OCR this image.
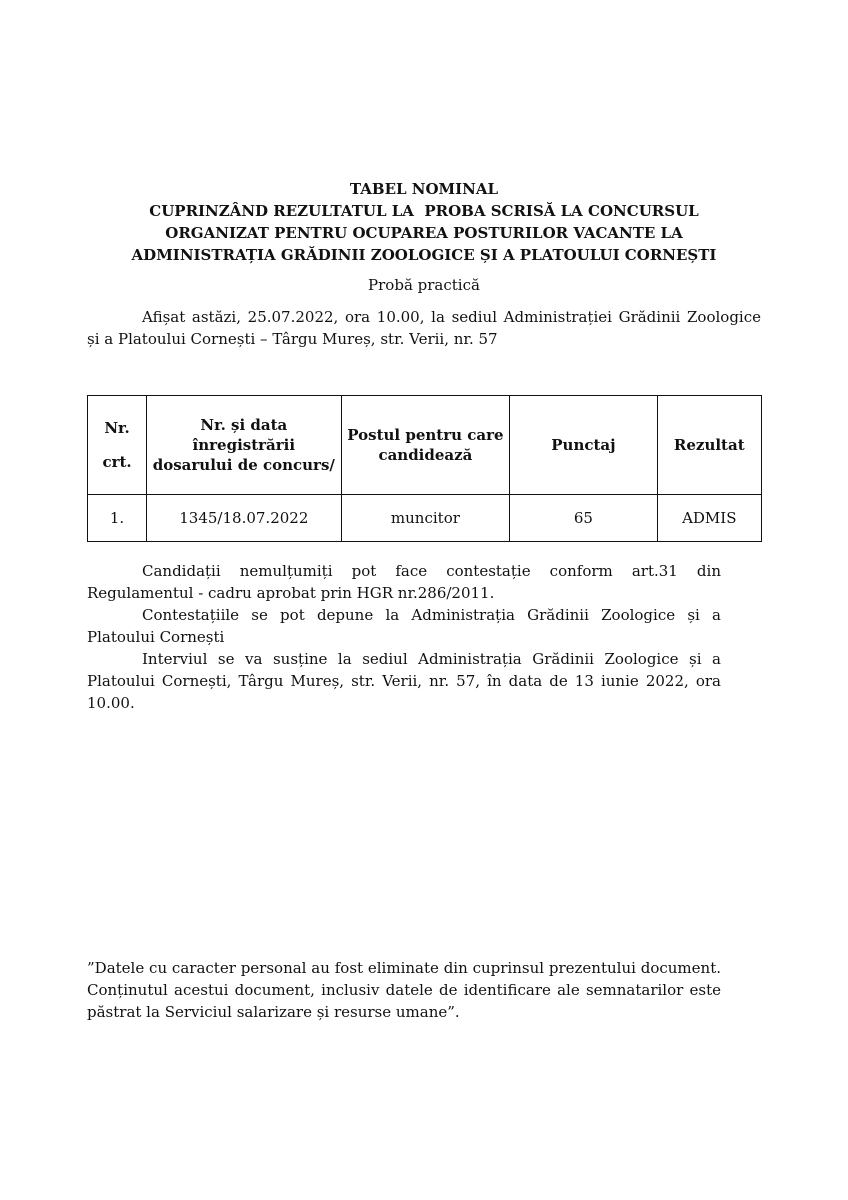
TABEL NOMINAL
CUPRINZÂND REZULTATUL LA  PROBA SCRISĂ LA CONCURSUL
ORGANIZAT PENTRU OCUPAREA POSTURILOR VACANTE LA
ADMINISTRAȚIA GRĂDINII ZOOLOGICE ȘI A PLATOULUI CORNEȘTI
Probă practică
Afișat astăzi, 25.07.2022, ora 10.00, la sediul Administrației Grădinii Zoologice și a Platoului Cornești – Târgu Mureș, str. Verii, nr. 57
Nr.
crt.	Nr. și data înregistrării dosarului de concurs/	Postul pentru care candidează	Punctaj	Rezultat
1.	1345/18.07.2022	muncitor	65	ADMIS

Candidații nemulțumiți pot face contestație conform art.31 din Regulamentul - cadru aprobat prin HGR nr.286/2011.

Contestațiile se pot depune la Administrația Grădinii Zoologice și a Platoului Cornești

Interviul se va susține la sediul Administrația Grădinii Zoologice și a Platoului Cornești, Târgu Mureș, str. Verii, nr. 57, în data de 13 iunie 2022, ora 10.00.

”Datele cu caracter personal au fost eliminate din cuprinsul prezentului document. Conținutul acestui document, inclusiv datele de identificare ale semnatarilor este păstrat la Serviciul salarizare și resurse umane”.
